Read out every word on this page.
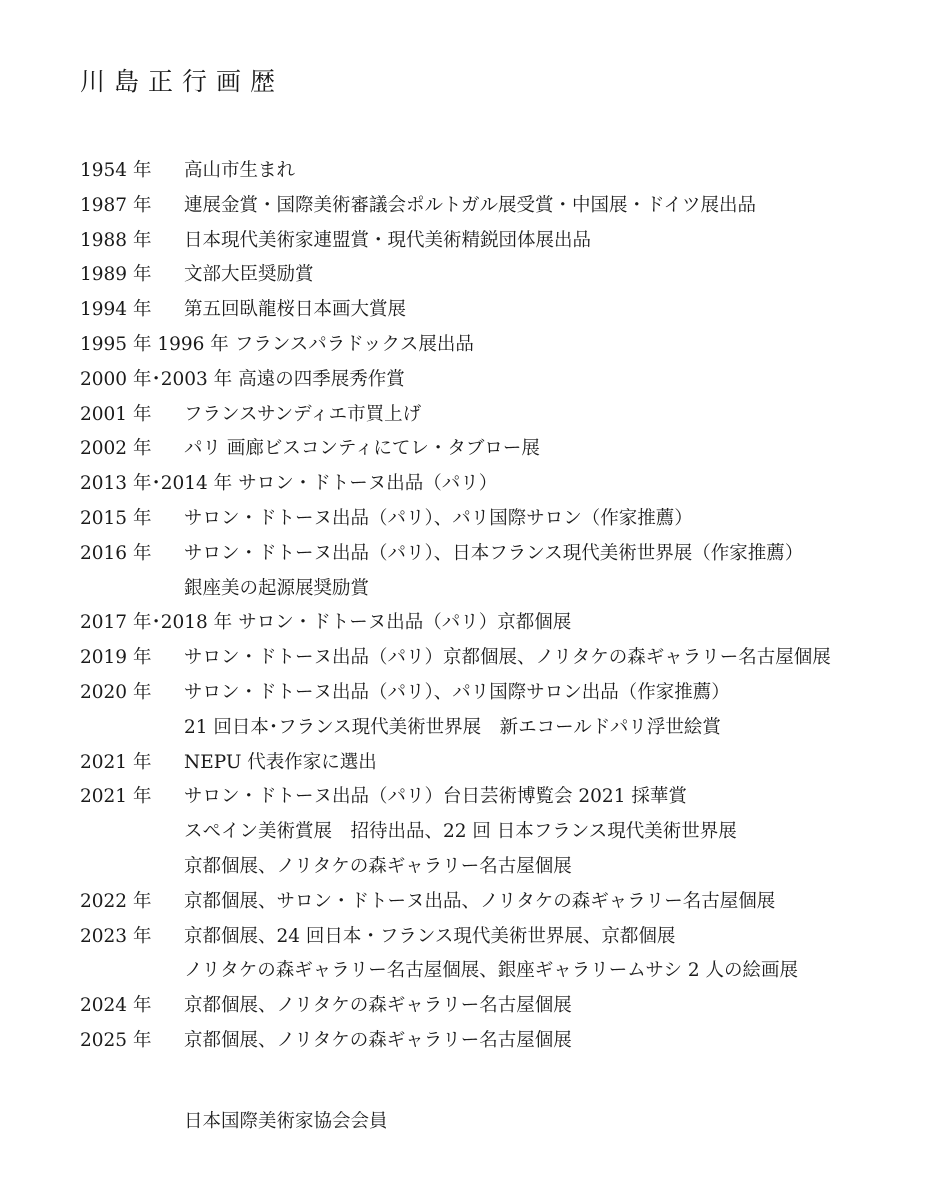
川島正行画歴
1954 年 高山市生まれ
1987 年 連展金賞・国際美術審議会ポルトガル展受賞・中国展・ドイツ展出品
1988 年 日本現代美術家連盟賞・現代美術精鋭団体展出品
1989 年 文部大臣奨励賞
1994 年 第五回臥龍桜日本画大賞展
1995 年 1996 年 フランスパラドックス展出品
2000 年･2003 年 高遠の四季展秀作賞
2001 年 フランスサンディエ市買上げ
2002 年 パリ 画廊ビスコンティにてレ・タブロー展
2013 年･2014 年 サロン・ドトーヌ出品（パリ）
2015 年 サロン・ドトーヌ出品（パリ）、パリ国際サロン（作家推薦）
2016 年 サロン・ドトーヌ出品（パリ）、日本フランス現代美術世界展（作家推薦）
銀座美の起源展奨励賞
2017 年･2018 年 サロン・ドトーヌ出品（パリ）京都個展
2019 年 サロン・ドトーヌ出品（パリ）京都個展、ノリタケの森ギャラリー名古屋個展
2020 年 サロン・ドトーヌ出品（パリ）、パリ国際サロン出品（作家推薦）
21 回日本･フランス現代美術世界展　新エコールドパリ浮世絵賞
2021 年 NEPU 代表作家に選出
2021 年 サロン・ドトーヌ出品（パリ）台日芸術博覧会 2021 採華賞
スペイン美術賞展　招待出品、22 回 日本フランス現代美術世界展
京都個展、ノリタケの森ギャラリー名古屋個展
2022 年 京都個展、サロン・ドトーヌ出品、ノリタケの森ギャラリー名古屋個展
2023 年 京都個展、24 回日本・フランス現代美術世界展、京都個展
ノリタケの森ギャラリー名古屋個展、銀座ギャラリームサシ 2 人の絵画展
2024 年 京都個展、ノリタケの森ギャラリー名古屋個展
2025 年 京都個展、ノリタケの森ギャラリー名古屋個展
日本国際美術家協会会員
